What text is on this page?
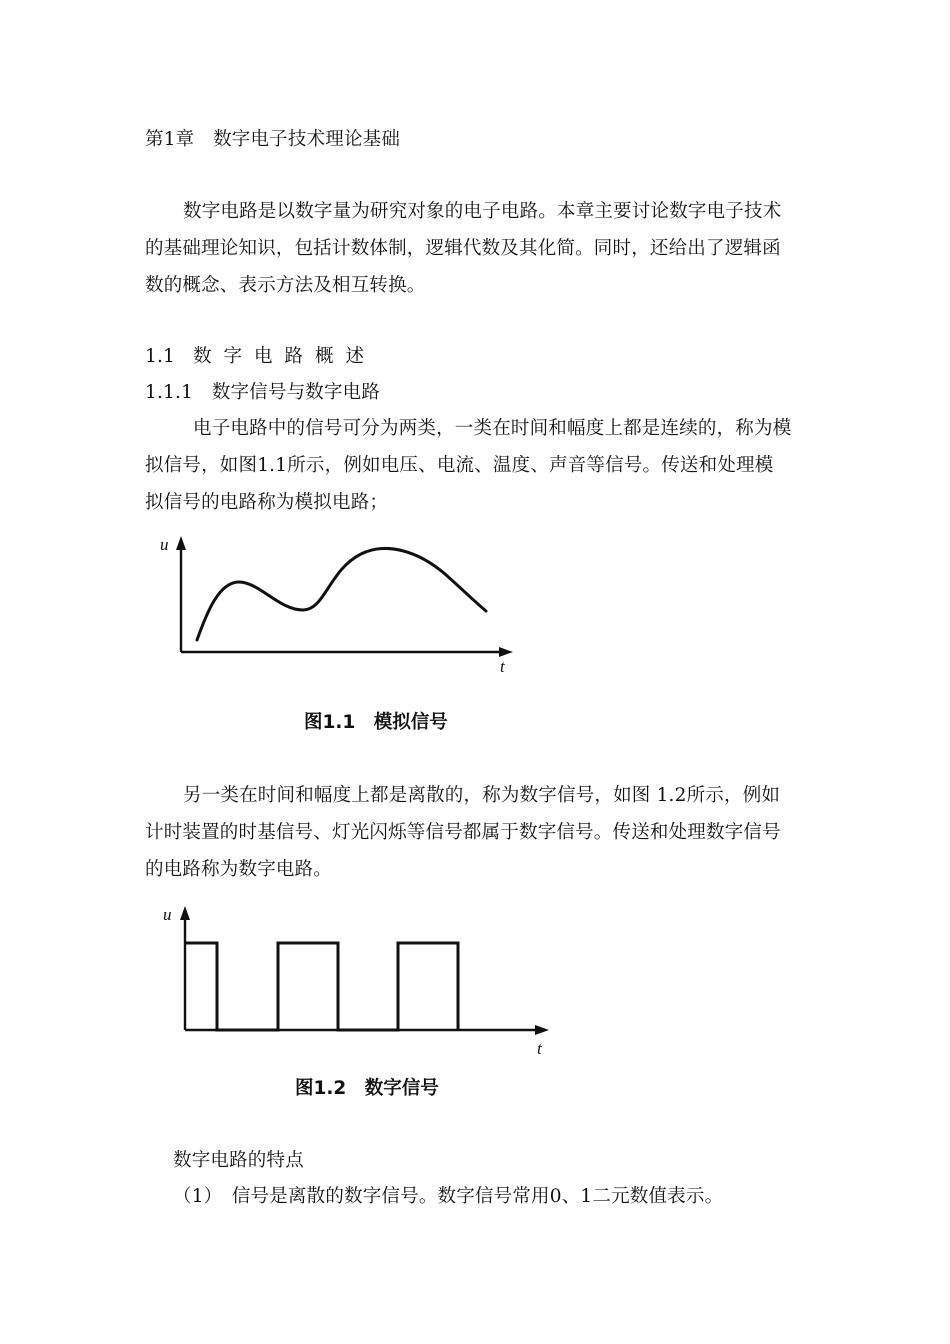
第1章　数字电子技术理论基础
数字电路是以数字量为研究对象的电子电路。本章主要讨论数字电子技术
的基础理论知识，包括计数体制，逻辑代数及其化简。同时，还给出了逻辑函
数的概念、表示方法及相互转换。
1.1 数字电路概述
1.1.1　数字信号与数字电路
电子电路中的信号可分为两类，一类在时间和幅度上都是连续的，称为模
拟信号，如图1.1所示，例如电压、电流、温度、声音等信号。传送和处理模
拟信号的电路称为模拟电路；
u
t
图1.1　模拟信号
另一类在时间和幅度上都是离散的，称为数字信号，如图 1.2所示，例如
计时装置的时基信号、灯光闪烁等信号都属于数字信号。传送和处理数字信号
的电路称为数字电路。
u
t
图1.2　数字信号
数字电路的特点
（1）　信号是离散的数字信号。数字信号常用0、1二元数值表示。
